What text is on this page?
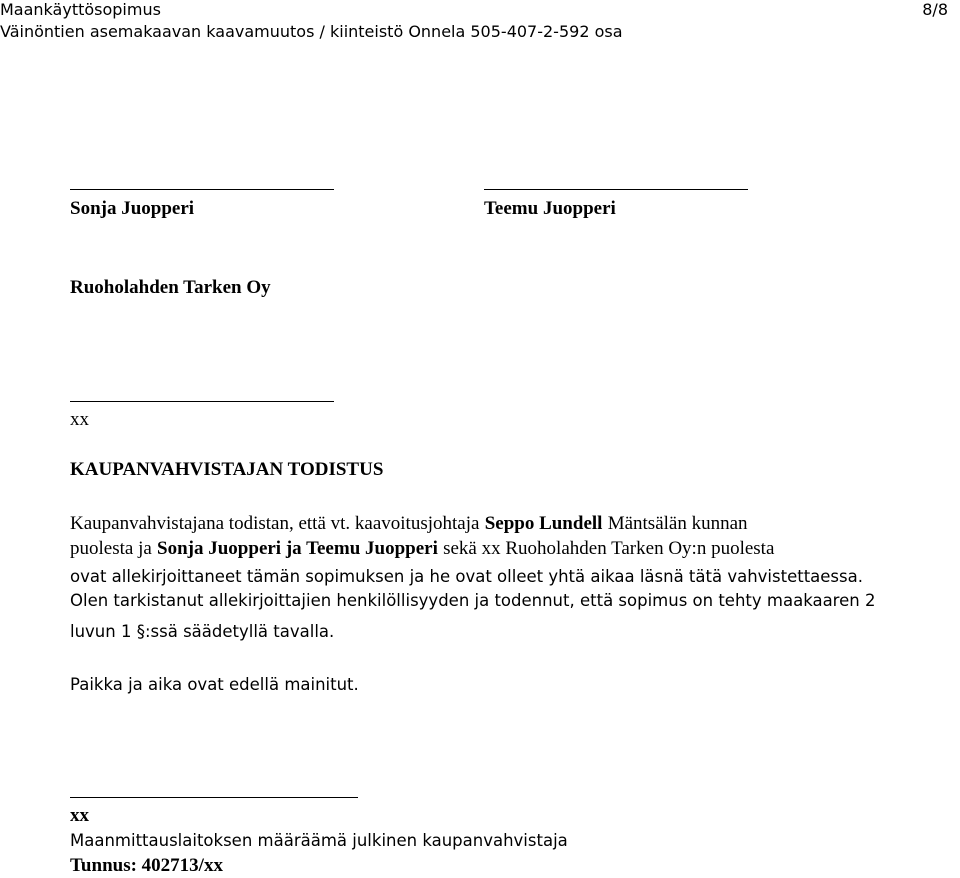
Maankäyttösopimus	8/8
Väinöntien asemakaavan kaavamuutos / kiinteistö Onnela 505-407-2-592 osa
Sonja Juopperi	Teemu Juopperi
Ruoholahden Tarken Oy
xx
KAUPANVAHVISTAJAN TODISTUS
Kaupanvahvistajana todistan, että vt. kaavoitusjohtaja Seppo Lundell Mäntsälän kunnan
puolesta ja Sonja Juopperi ja Teemu Juopperi sekä xx Ruoholahden Tarken Oy:n puolesta
ovat allekirjoittaneet tämän sopimuksen ja he ovat olleet yhtä aikaa läsnä tätä vahvistettaessa.
Olen tarkistanut allekirjoittajien henkilöllisyyden ja todennut, että sopimus on tehty maakaaren 2
luvun 1 §:ssä säädetyllä tavalla.
Paikka ja aika ovat edellä mainitut.
xx
Maanmittauslaitoksen määräämä julkinen kaupanvahvistaja
Tunnus: 402713/xx
